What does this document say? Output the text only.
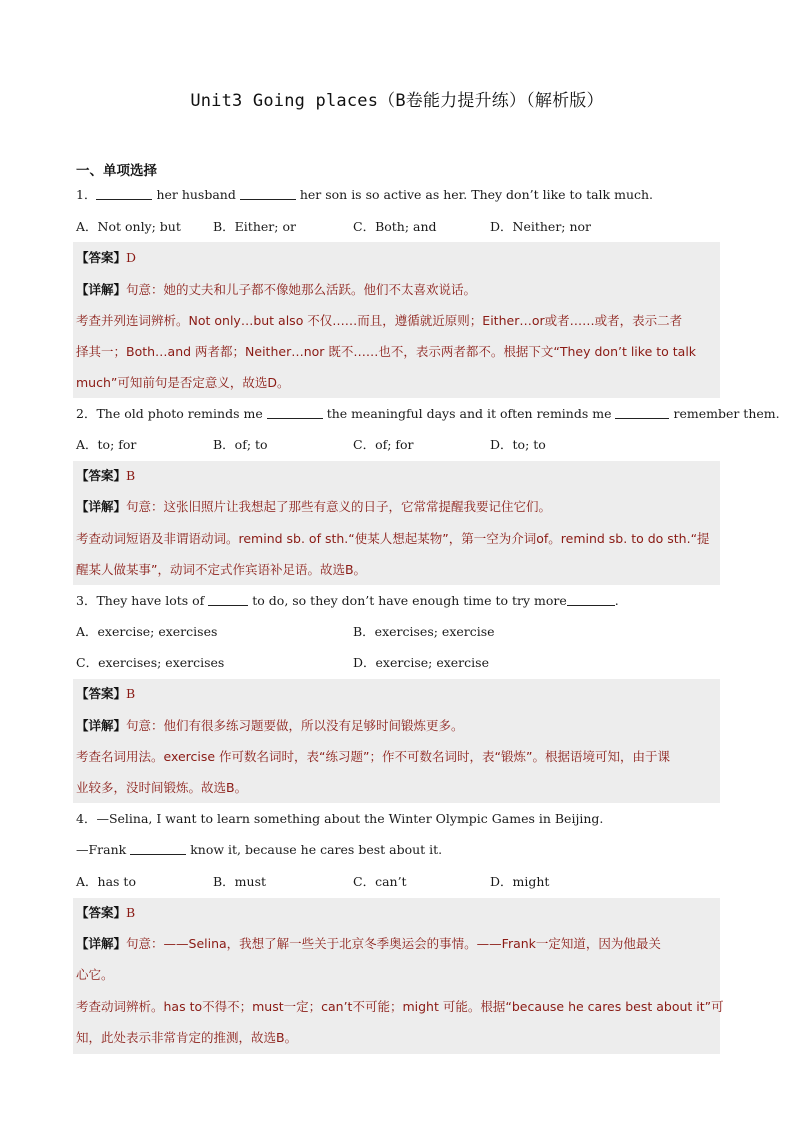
Unit3 Going places（B卷能力提升练）（解析版）
一、单项选择
1．	her husband	her son is so active as her. They don’t like to talk much.
A．Not only; but	B．Either; or	C．Both; and	D．Neither; nor
【答案】D
【详解】句意：她的丈夫和儿子都不像她那么活跃。他们不太喜欢说话。
考查并列连词辨析。Not only…but also 不仅……而且，遵循就近原则；Either…or或者……或者，表示二者
择其一；Both…and 两者都；Neither…nor 既不……也不，表示两者都不。根据下文“They don’t like to talk
much”可知前句是否定意义，故选D。
2．The old photo reminds me	the meaningful days and it often reminds me	remember them.
A．to; for	B．of; to	C．of; for	D．to; to
【答案】B
【详解】句意：这张旧照片让我想起了那些有意义的日子，它常常提醒我要记住它们。
考查动词短语及非谓语动词。remind sb. of sth.“使某人想起某物”，第一空为介词of。remind sb. to do sth.“提
醒某人做某事”，动词不定式作宾语补足语。故选B。
3．They have lots of	to do, so they don’t have enough time to try more	.
A．exercise; exercises	B．exercises; exercise
C．exercises; exercises	D．exercise; exercise
【答案】B
【详解】句意：他们有很多练习题要做，所以没有足够时间锻炼更多。
考查名词用法。exercise 作可数名词时，表“练习题”；作不可数名词时，表“锻炼”。根据语境可知，由于课
业较多，没时间锻炼。故选B。
4．—Selina, I want to learn something about the Winter Olympic Games in Beijing.
—Frank	know it, because he cares best about it.
A．has to	B．must	C．can’t	D．might
【答案】B
【详解】句意：——Selina，我想了解一些关于北京冬季奥运会的事情。——Frank一定知道，因为他最关
心它。
考查动词辨析。has to不得不；must一定；can’t不可能；might 可能。根据“because he cares best about it”可
知，此处表示非常肯定的推测，故选B。
